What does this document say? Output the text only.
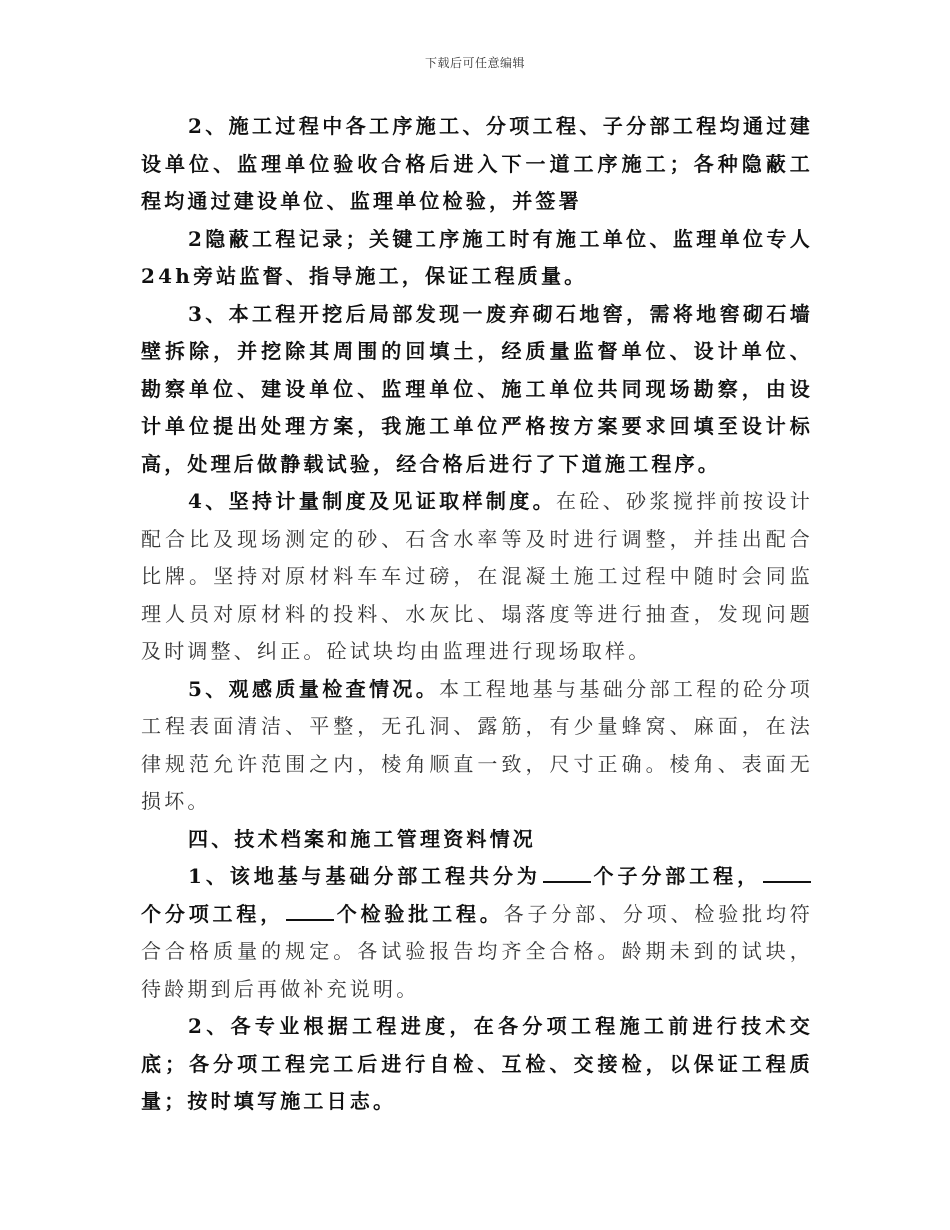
下载后可任意编辑

2、施工过程中各工序施工、分项工程、子分部工程均通过建设单位、监理单位验收合格后进入下一道工序施工；各种隐蔽工程均通过建设单位、监理单位检验，并签署

2隐蔽工程记录；关键工序施工时有施工单位、监理单位专人24h旁站监督、指导施工，保证工程质量。

3、本工程开挖后局部发现一废弃砌石地窖，需将地窖砌石墙壁拆除，并挖除其周围的回填土，经质量监督单位、设计单位、勘察单位、建设单位、监理单位、施工单位共同现场勘察，由设计单位提出处理方案，我施工单位严格按方案要求回填至设计标高，处理后做静载试验，经合格后进行了下道施工程序。

4、坚持计量制度及见证取样制度。在砼、砂浆搅拌前按设计配合比及现场测定的砂、石含水率等及时进行调整，并挂出配合比牌。坚持对原材料车车过磅，在混凝土施工过程中随时会同监理人员对原材料的投料、水灰比、塌落度等进行抽查，发现问题及时调整、纠正。砼试块均由监理进行现场取样。

5、观感质量检查情况。本工程地基与基础分部工程的砼分项工程表面清洁、平整，无孔洞、露筋，有少量蜂窝、麻面，在法律规范允许范围之内，棱角顺直一致，尺寸正确。棱角、表面无损坏。

四、技术档案和施工管理资料情况

1、该地基与基础分部工程共分为	个子分部工程，个分项工程，	个检验批工程。各子分部、分项、检验批均符合合格质量的规定。各试验报告均齐全合格。龄期未到的试块，待龄期到后再做补充说明。

2、各专业根据工程进度，在各分项工程施工前进行技术交底；各分项工程完工后进行自检、互检、交接检，以保证工程质量；按时填写施工日志。
